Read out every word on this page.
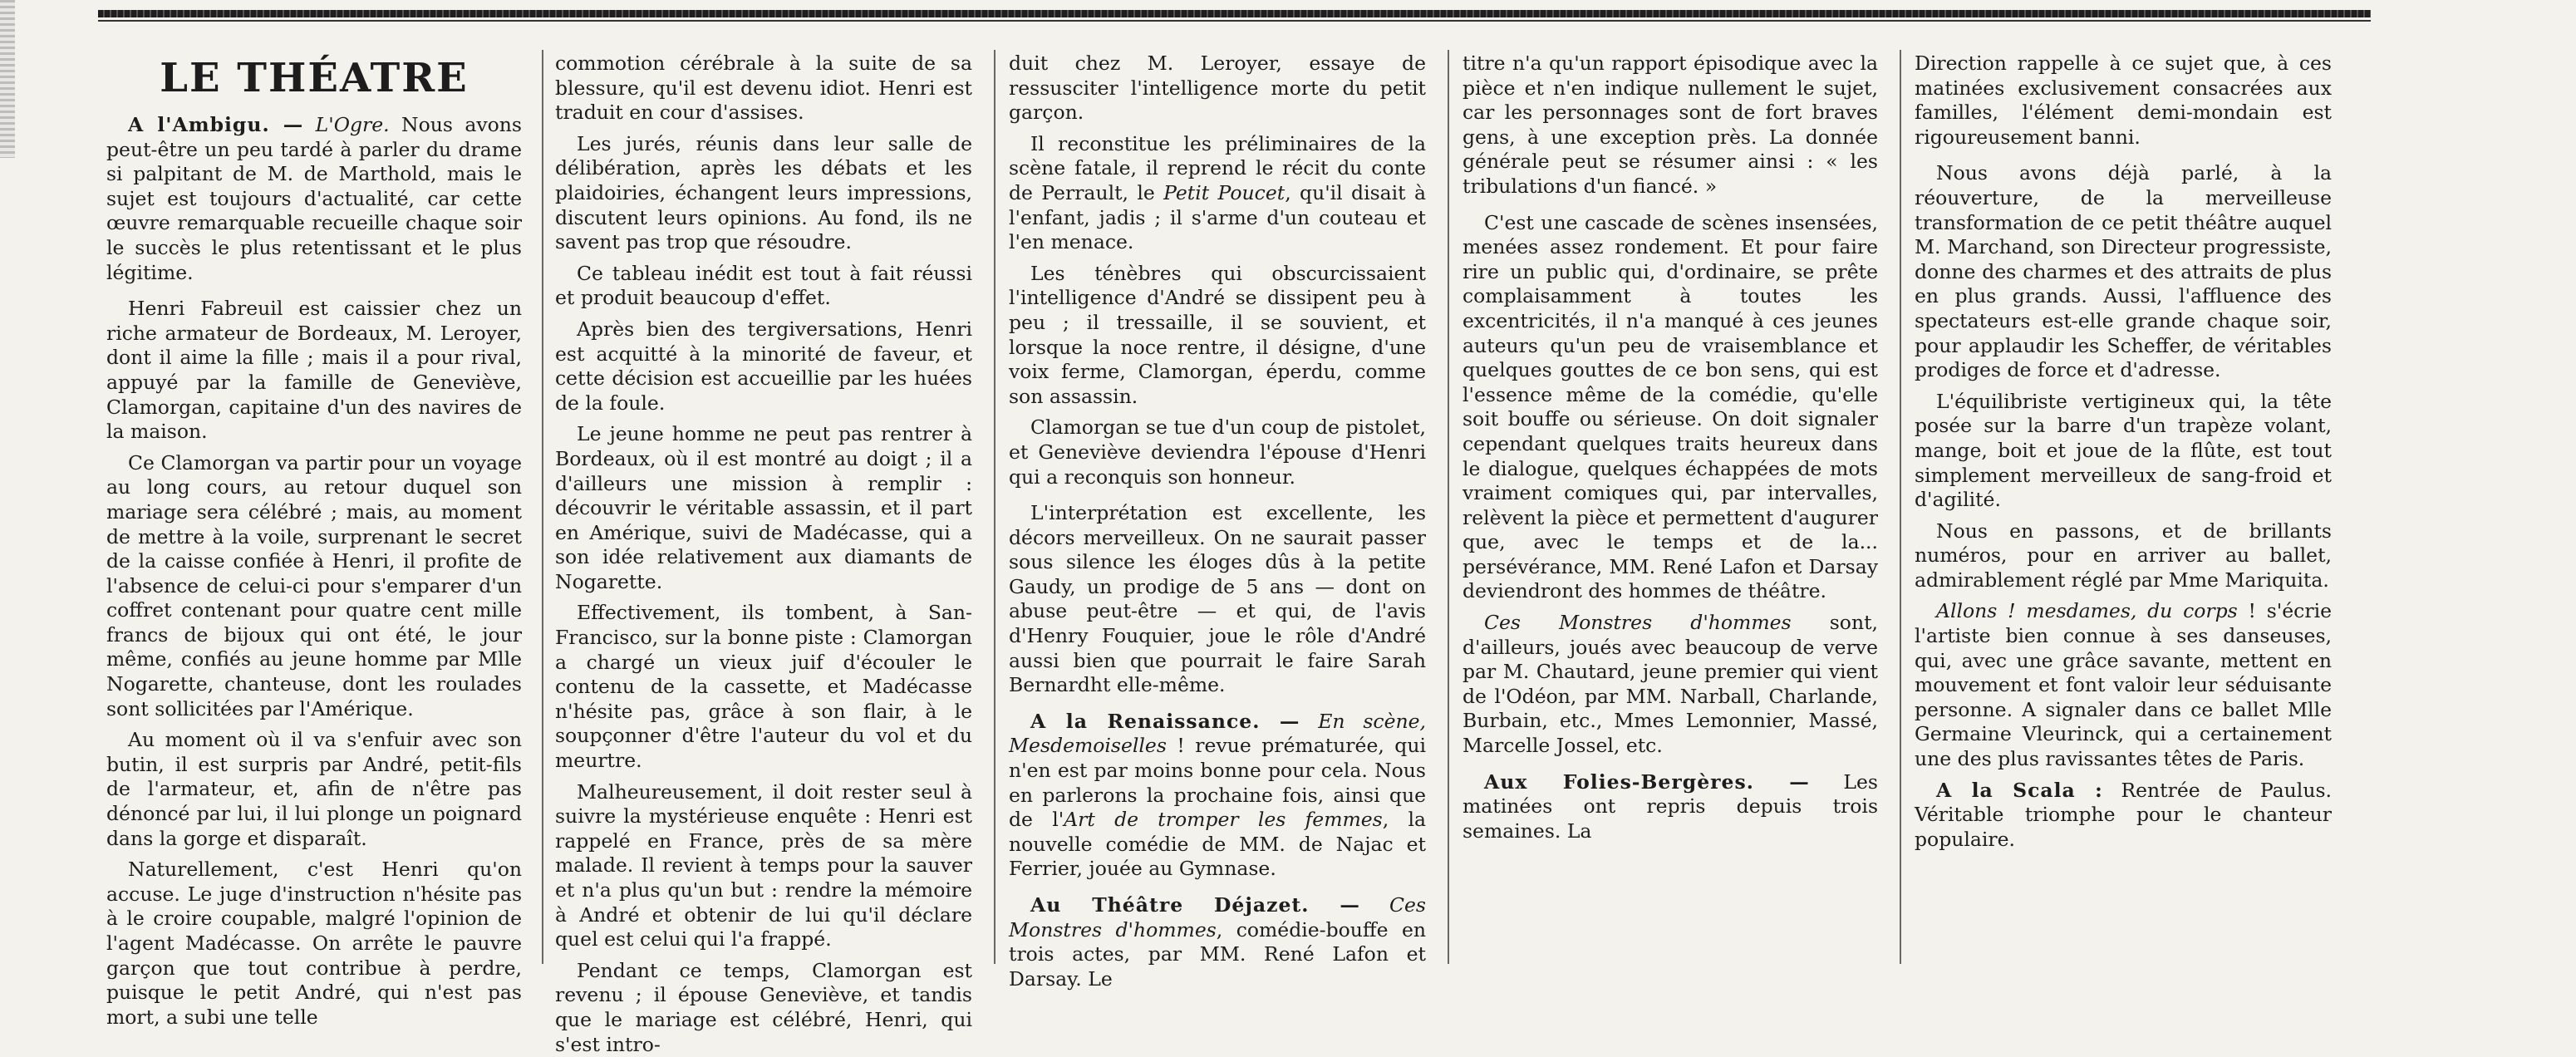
LE THÉATRE

A l'Ambigu. — L'Ogre. Nous avons peut-être un peu tardé à parler du drame si palpitant de M. de Marthold, mais le sujet est toujours d'actualité, car cette œuvre remarquable recueille chaque soir le succès le plus retentissant et le plus légitime.

Henri Fabreuil est caissier chez un riche armateur de Bordeaux, M. Leroyer, dont il aime la fille ; mais il a pour rival, appuyé par la famille de Geneviève, Clamorgan, capitaine d'un des navires de la maison.

Ce Clamorgan va partir pour un voyage au long cours, au retour duquel son mariage sera célébré ; mais, au moment de mettre à la voile, surprenant le secret de la caisse confiée à Henri, il profite de l'absence de celui-ci pour s'emparer d'un coffret contenant pour quatre cent mille francs de bijoux qui ont été, le jour même, confiés au jeune homme par Mlle Nogarette, chanteuse, dont les roulades sont sollicitées par l'Amérique.

Au moment où il va s'enfuir avec son butin, il est surpris par André, petit-fils de l'armateur, et, afin de n'être pas dénoncé par lui, il lui plonge un poignard dans la gorge et disparaît.

Naturellement, c'est Henri qu'on accuse. Le juge d'instruction n'hésite pas à le croire coupable, malgré l'opinion de l'agent Madécasse. On arrête le pauvre garçon que tout contribue à perdre, puisque le petit André, qui n'est pas mort, a subi une telle

commotion cérébrale à la suite de sa blessure, qu'il est devenu idiot. Henri est traduit en cour d'assises.

Les jurés, réunis dans leur salle de délibération, après les débats et les plaidoiries, échangent leurs impressions, discutent leurs opinions. Au fond, ils ne savent pas trop que résoudre.

Ce tableau inédit est tout à fait réussi et produit beaucoup d'effet.

Après bien des tergiversations, Henri est acquitté à la minorité de faveur, et cette décision est accueillie par les huées de la foule.

Le jeune homme ne peut pas rentrer à Bordeaux, où il est montré au doigt ; il a d'ailleurs une mission à remplir : découvrir le véritable assassin, et il part en Amérique, suivi de Madécasse, qui a son idée relativement aux diamants de Nogarette.

Effectivement, ils tombent, à San-Francisco, sur la bonne piste : Clamorgan a chargé un vieux juif d'écouler le contenu de la cassette, et Madécasse n'hésite pas, grâce à son flair, à le soupçonner d'être l'auteur du vol et du meurtre.

Malheureusement, il doit rester seul à suivre la mystérieuse enquête : Henri est rappelé en France, près de sa mère malade. Il revient à temps pour la sauver et n'a plus qu'un but : rendre la mémoire à André et obtenir de lui qu'il déclare quel est celui qui l'a frappé.

Pendant ce temps, Clamorgan est revenu ; il épouse Geneviève, et tandis que le mariage est célébré, Henri, qui s'est intro-

duit chez M. Leroyer, essaye de ressusciter l'intelligence morte du petit garçon.

Il reconstitue les préliminaires de la scène fatale, il reprend le récit du conte de Perrault, le Petit Poucet, qu'il disait à l'enfant, jadis ; il s'arme d'un couteau et l'en menace.

Les ténèbres qui obscurcissaient l'intelligence d'André se dissipent peu à peu ; il tressaille, il se souvient, et lorsque la noce rentre, il désigne, d'une voix ferme, Clamorgan, éperdu, comme son assassin.

Clamorgan se tue d'un coup de pistolet, et Geneviève deviendra l'épouse d'Henri qui a reconquis son honneur.

L'interprétation est excellente, les décors merveilleux. On ne saurait passer sous silence les éloges dûs à la petite Gaudy, un prodige de 5 ans — dont on abuse peut-être — et qui, de l'avis d'Henry Fouquier, joue le rôle d'André aussi bien que pourrait le faire Sarah Bernardht elle-même.

A la Renaissance. — En scène, Mesdemoiselles ! revue prématurée, qui n'en est par moins bonne pour cela. Nous en parlerons la prochaine fois, ainsi que de l'Art de tromper les femmes, la nouvelle comédie de MM. de Najac et Ferrier, jouée au Gymnase.

Au Théâtre Déjazet. — Ces Monstres d'hommes, comédie-bouffe en trois actes, par MM. René Lafon et Darsay. Le

titre n'a qu'un rapport épisodique avec la pièce et n'en indique nullement le sujet, car les personnages sont de fort braves gens, à une exception près. La donnée générale peut se résumer ainsi : « les tribulations d'un fiancé. »

C'est une cascade de scènes insensées, menées assez rondement. Et pour faire rire un public qui, d'ordinaire, se prête complaisamment à toutes les excentricités, il n'a manqué à ces jeunes auteurs qu'un peu de vraisemblance et quelques gouttes de ce bon sens, qui est l'essence même de la comédie, qu'elle soit bouffe ou sérieuse. On doit signaler cependant quelques traits heureux dans le dialogue, quelques échappées de mots vraiment comiques qui, par intervalles, relèvent la pièce et permettent d'augurer que, avec le temps et de la... persévérance, MM. René Lafon et Darsay deviendront des hommes de théâtre.

Ces Monstres d'hommes sont, d'ailleurs, joués avec beaucoup de verve par M. Chautard, jeune premier qui vient de l'Odéon, par MM. Narball, Charlande, Burbain, etc., Mmes Lemonnier, Massé, Marcelle Jossel, etc.

Aux Folies-Bergères. — Les matinées ont repris depuis trois semaines. La

Direction rappelle à ce sujet que, à ces matinées exclusivement consacrées aux familles, l'élément demi-mondain est rigoureusement banni.

Nous avons déjà parlé, à la réouverture, de la merveilleuse transformation de ce petit théâtre auquel M. Marchand, son Directeur progressiste, donne des charmes et des attraits de plus en plus grands. Aussi, l'affluence des spectateurs est-elle grande chaque soir, pour applaudir les Scheffer, de véritables prodiges de force et d'adresse.

L'équilibriste vertigineux qui, la tête posée sur la barre d'un trapèze volant, mange, boit et joue de la flûte, est tout simplement merveilleux de sang-froid et d'agilité.

Nous en passons, et de brillants numéros, pour en arriver au ballet, admirablement réglé par Mme Mariquita.

Allons ! mesdames, du corps ! s'écrie l'artiste bien connue à ses danseuses, qui, avec une grâce savante, mettent en mouvement et font valoir leur séduisante personne. A signaler dans ce ballet Mlle Germaine Vleurinck, qui a certainement une des plus ravissantes têtes de Paris.

A la Scala : Rentrée de Paulus. Véritable triomphe pour le chanteur populaire.
